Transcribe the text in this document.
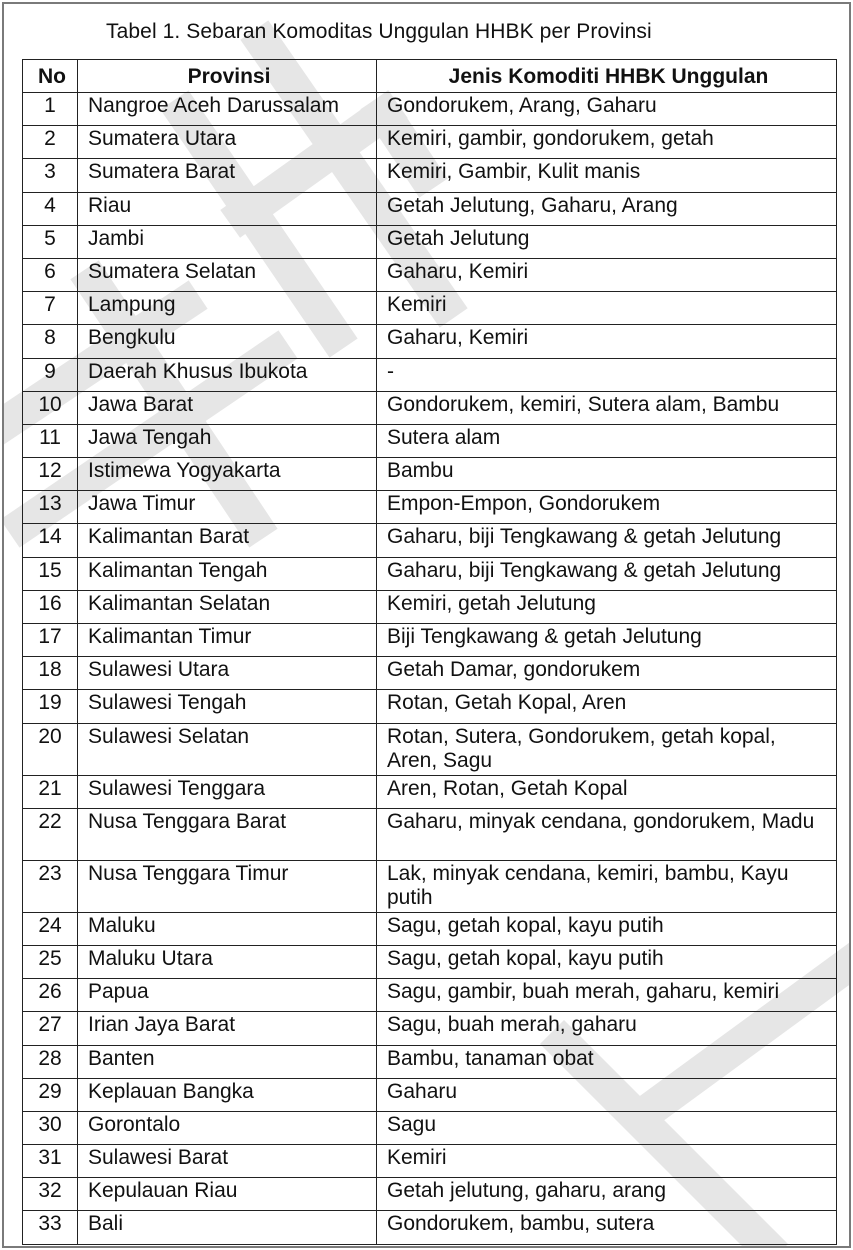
Tabel 1. Sebaran Komoditas Unggulan HHBK per Provinsi
No	Provinsi	Jenis Komoditi HHBK Unggulan
1	Nangroe Aceh Darussalam	Gondorukem, Arang, Gaharu
2	Sumatera Utara	Kemiri, gambir, gondorukem, getah
3	Sumatera Barat	Kemiri, Gambir, Kulit manis
4	Riau	Getah Jelutung, Gaharu, Arang
5	Jambi	Getah Jelutung
6	Sumatera Selatan	Gaharu, Kemiri
7	Lampung	Kemiri
8	Bengkulu	Gaharu, Kemiri
9	Daerah Khusus Ibukota	-
10	Jawa Barat	Gondorukem, kemiri, Sutera alam, Bambu
11	Jawa Tengah	Sutera alam
12	Istimewa Yogyakarta	Bambu
13	Jawa Timur	Empon-Empon, Gondorukem
14	Kalimantan Barat	Gaharu, biji Tengkawang & getah Jelutung
15	Kalimantan Tengah	Gaharu, biji Tengkawang & getah Jelutung
16	Kalimantan Selatan	Kemiri, getah Jelutung
17	Kalimantan Timur	Biji Tengkawang & getah Jelutung
18	Sulawesi Utara	Getah Damar, gondorukem
19	Sulawesi Tengah	Rotan, Getah Kopal, Aren
20	Sulawesi Selatan	Rotan, Sutera, Gondorukem, getah kopal, Aren, Sagu
21	Sulawesi Tenggara	Aren, Rotan, Getah Kopal
22	Nusa Tenggara Barat	Gaharu, minyak cendana, gondorukem, Madu
23	Nusa Tenggara Timur	Lak, minyak cendana, kemiri, bambu, Kayu putih
24	Maluku	Sagu, getah kopal, kayu putih
25	Maluku Utara	Sagu, getah kopal, kayu putih
26	Papua	Sagu, gambir, buah merah, gaharu, kemiri
27	Irian Jaya Barat	Sagu, buah merah, gaharu
28	Banten	Bambu, tanaman obat
29	Keplauan Bangka	Gaharu
30	Gorontalo	Sagu
31	Sulawesi Barat	Kemiri
32	Kepulauan Riau	Getah jelutung, gaharu, arang
33	Bali	Gondorukem, bambu, sutera
